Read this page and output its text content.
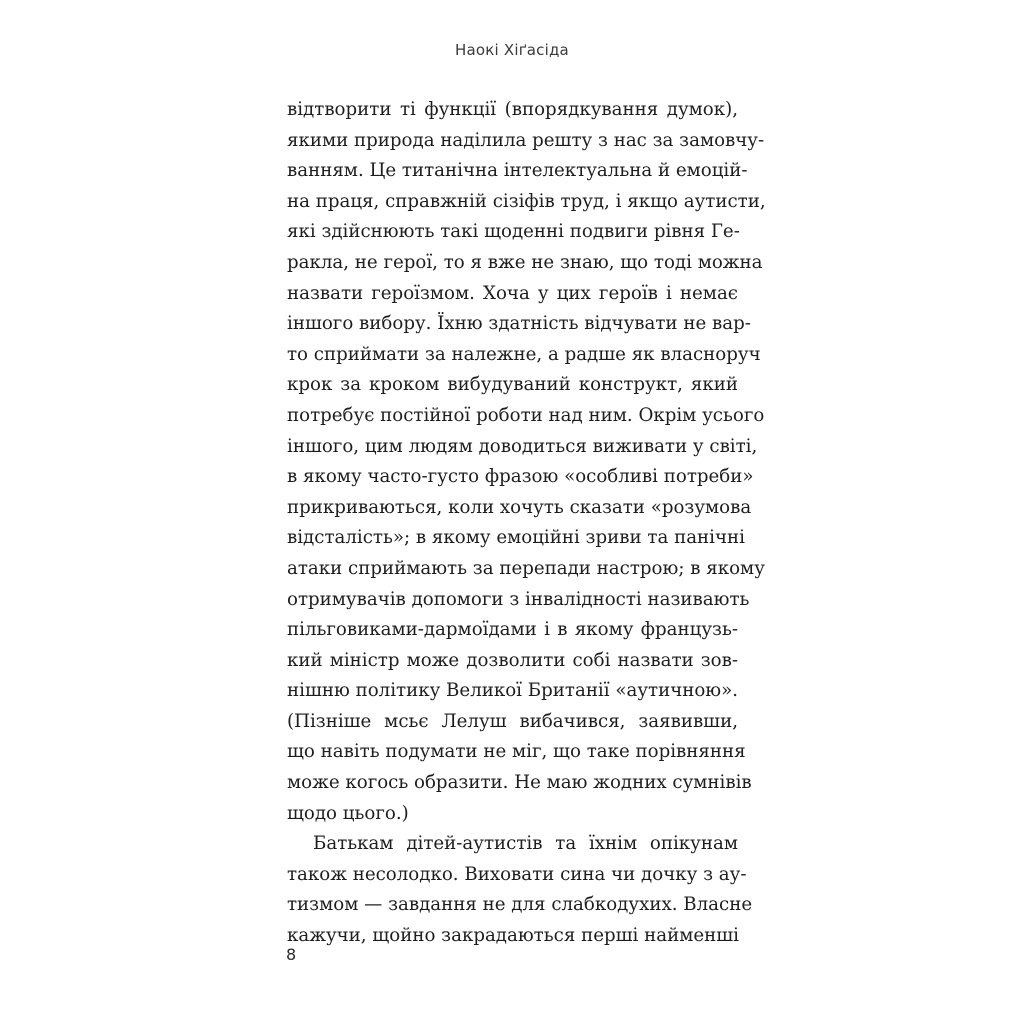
Наокі Хіґасіда
відтворити ті функції (впорядкування думок),
якими природа наділила решту з нас за замовчу-
ванням. Це титанічна інтелектуальна й емоцій-
на праця, справжній сізіфів труд, і якщо аутисти,
які здійснюють такі щоденні подвиги рівня Ге-
ракла, не герої, то я вже не знаю, що тоді можна
назвати героїзмом. Хоча у цих героїв і немає
іншого вибору. Їхню здатність відчувати не вар-
то сприймати за належне, а радше як власноруч
крок за кроком вибудуваний конструкт, який
потребує постійної роботи над ним. Окрім усього
іншого, цим людям доводиться виживати у світі,
в якому часто-густо фразою «особливі потреби»
прикриваються, коли хочуть сказати «розумова
відсталість»; в якому емоційні зриви та панічні
атаки сприймають за перепади настрою; в якому
отримувачів допомоги з інвалідності називають
пільговиками-дармоїдами і в якому французь-
кий міністр може дозволити собі назвати зов-
нішню політику Великої Британії «аутичною».
(Пізніше мсьє Лелуш вибачився, заявивши,
що навіть подумати не міг, що таке порівняння
може когось образити. Не маю жодних сумнівів
щодо цього.)
Батькам дітей-аутистів та їхнім опікунам
також несолодко. Виховати сина чи дочку з ау-
тизмом — завдання не для слабкодухих. Власне
кажучи, щойно закрадаються перші найменші
8
